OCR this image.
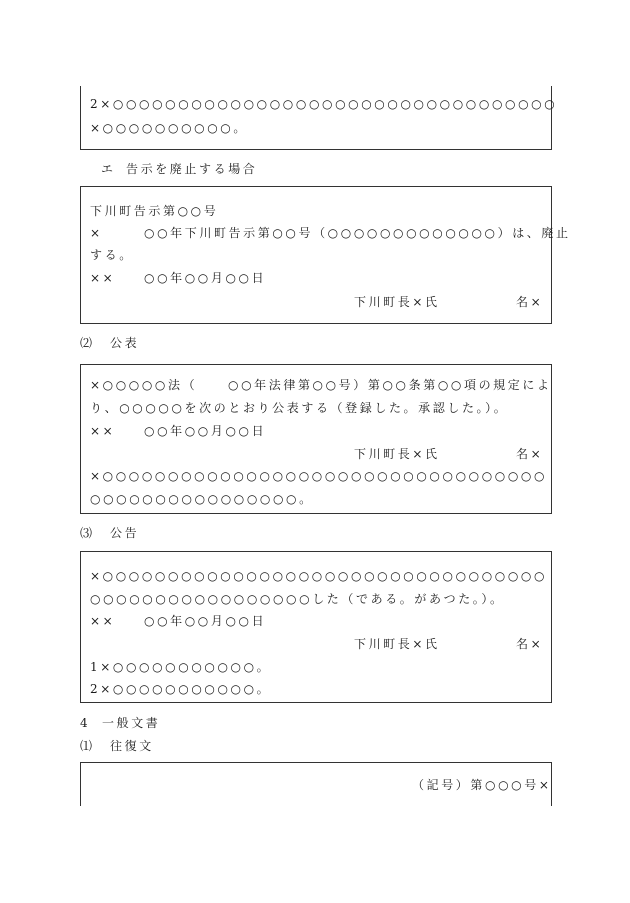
2×○○○○○○○○○○○○○○○○○○○○○○○○○○○○○○○○○○
×○○○○○○○○○○。
エ 告示を廃止する場合
下川町告示第○○号
×	○○年下川町告示第○○号（○○○○○○○○○○○○○）は、廃止
する。
×× ○○年○○月○○日
下川町長×氏	名×
⑵ 公表
×○○○○○法（	○○年法律第○○号）第○○条第○○項の規定によ
り、○○○○○を次のとおり公表する（登録した。承認した。）。
×× ○○年○○月○○日
下川町長×氏	名×
×○○○○○○○○○○○○○○○○○○○○○○○○○○○○○○○○○○
○○○○○○○○○○○○○○○○。
⑶ 公告
×○○○○○○○○○○○○○○○○○○○○○○○○○○○○○○○○○○
○○○○○○○○○○○○○○○○○した（である。があつた。）。
×× ○○年○○月○○日
下川町長×氏	名×
1×○○○○○○○○○○○。
2×○○○○○○○○○○○。
4 一般文書
⑴ 往復文
（記号）第○○○号×
